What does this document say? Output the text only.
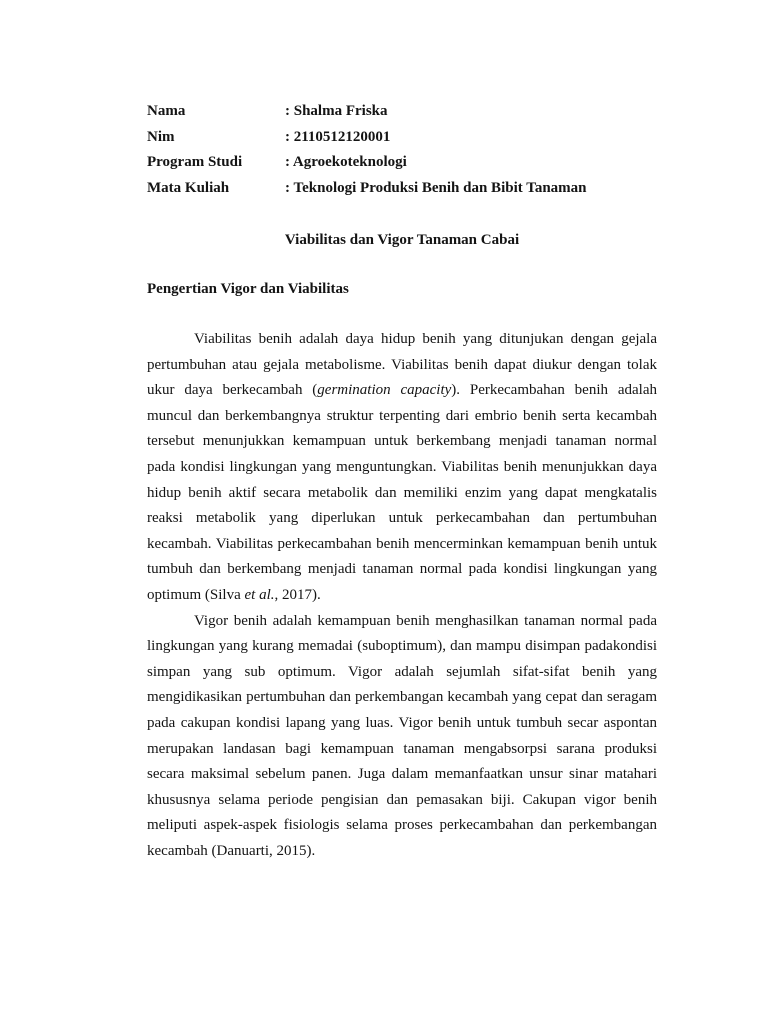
Nama	: Shalma Friska
Nim	: 2110512120001
Program Studi	: Agroekoteknologi
Mata Kuliah	: Teknologi Produksi Benih dan Bibit Tanaman
Viabilitas dan Vigor Tanaman Cabai
Pengertian Vigor dan Viabilitas

Viabilitas benih adalah daya hidup benih yang ditunjukan dengan gejala pertumbuhan atau gejala metabolisme. Viabilitas benih dapat diukur dengan tolak ukur daya berkecambah (germination capacity). Perkecambahan benih adalah muncul dan berkembangnya struktur terpenting dari embrio benih serta kecambah tersebut menunjukkan kemampuan untuk berkembang menjadi tanaman normal pada kondisi lingkungan yang menguntungkan. Viabilitas benih menunjukkan daya hidup benih aktif secara metabolik dan memiliki enzim yang dapat mengkatalis reaksi metabolik yang diperlukan untuk perkecambahan dan pertumbuhan kecambah. Viabilitas perkecambahan benih mencerminkan kemampuan benih untuk tumbuh dan berkembang menjadi tanaman normal pada kondisi lingkungan yang optimum (Silva et al., 2017).

Vigor benih adalah kemampuan benih menghasilkan tanaman normal pada lingkungan yang kurang memadai (suboptimum), dan mampu disimpan padakondisi simpan yang sub optimum. Vigor adalah sejumlah sifat-sifat benih yang mengidikasikan pertumbuhan dan perkembangan kecambah yang cepat dan seragam pada cakupan kondisi lapang yang luas. Vigor benih untuk tumbuh secar aspontan merupakan landasan bagi kemampuan tanaman mengabsorpsi sarana produksi secara maksimal sebelum panen. Juga dalam memanfaatkan unsur sinar matahari khususnya selama periode pengisian dan pemasakan biji. Cakupan vigor benih meliputi aspek-aspek fisiologis selama proses perkecambahan dan perkembangan kecambah (Danuarti, 2015).
